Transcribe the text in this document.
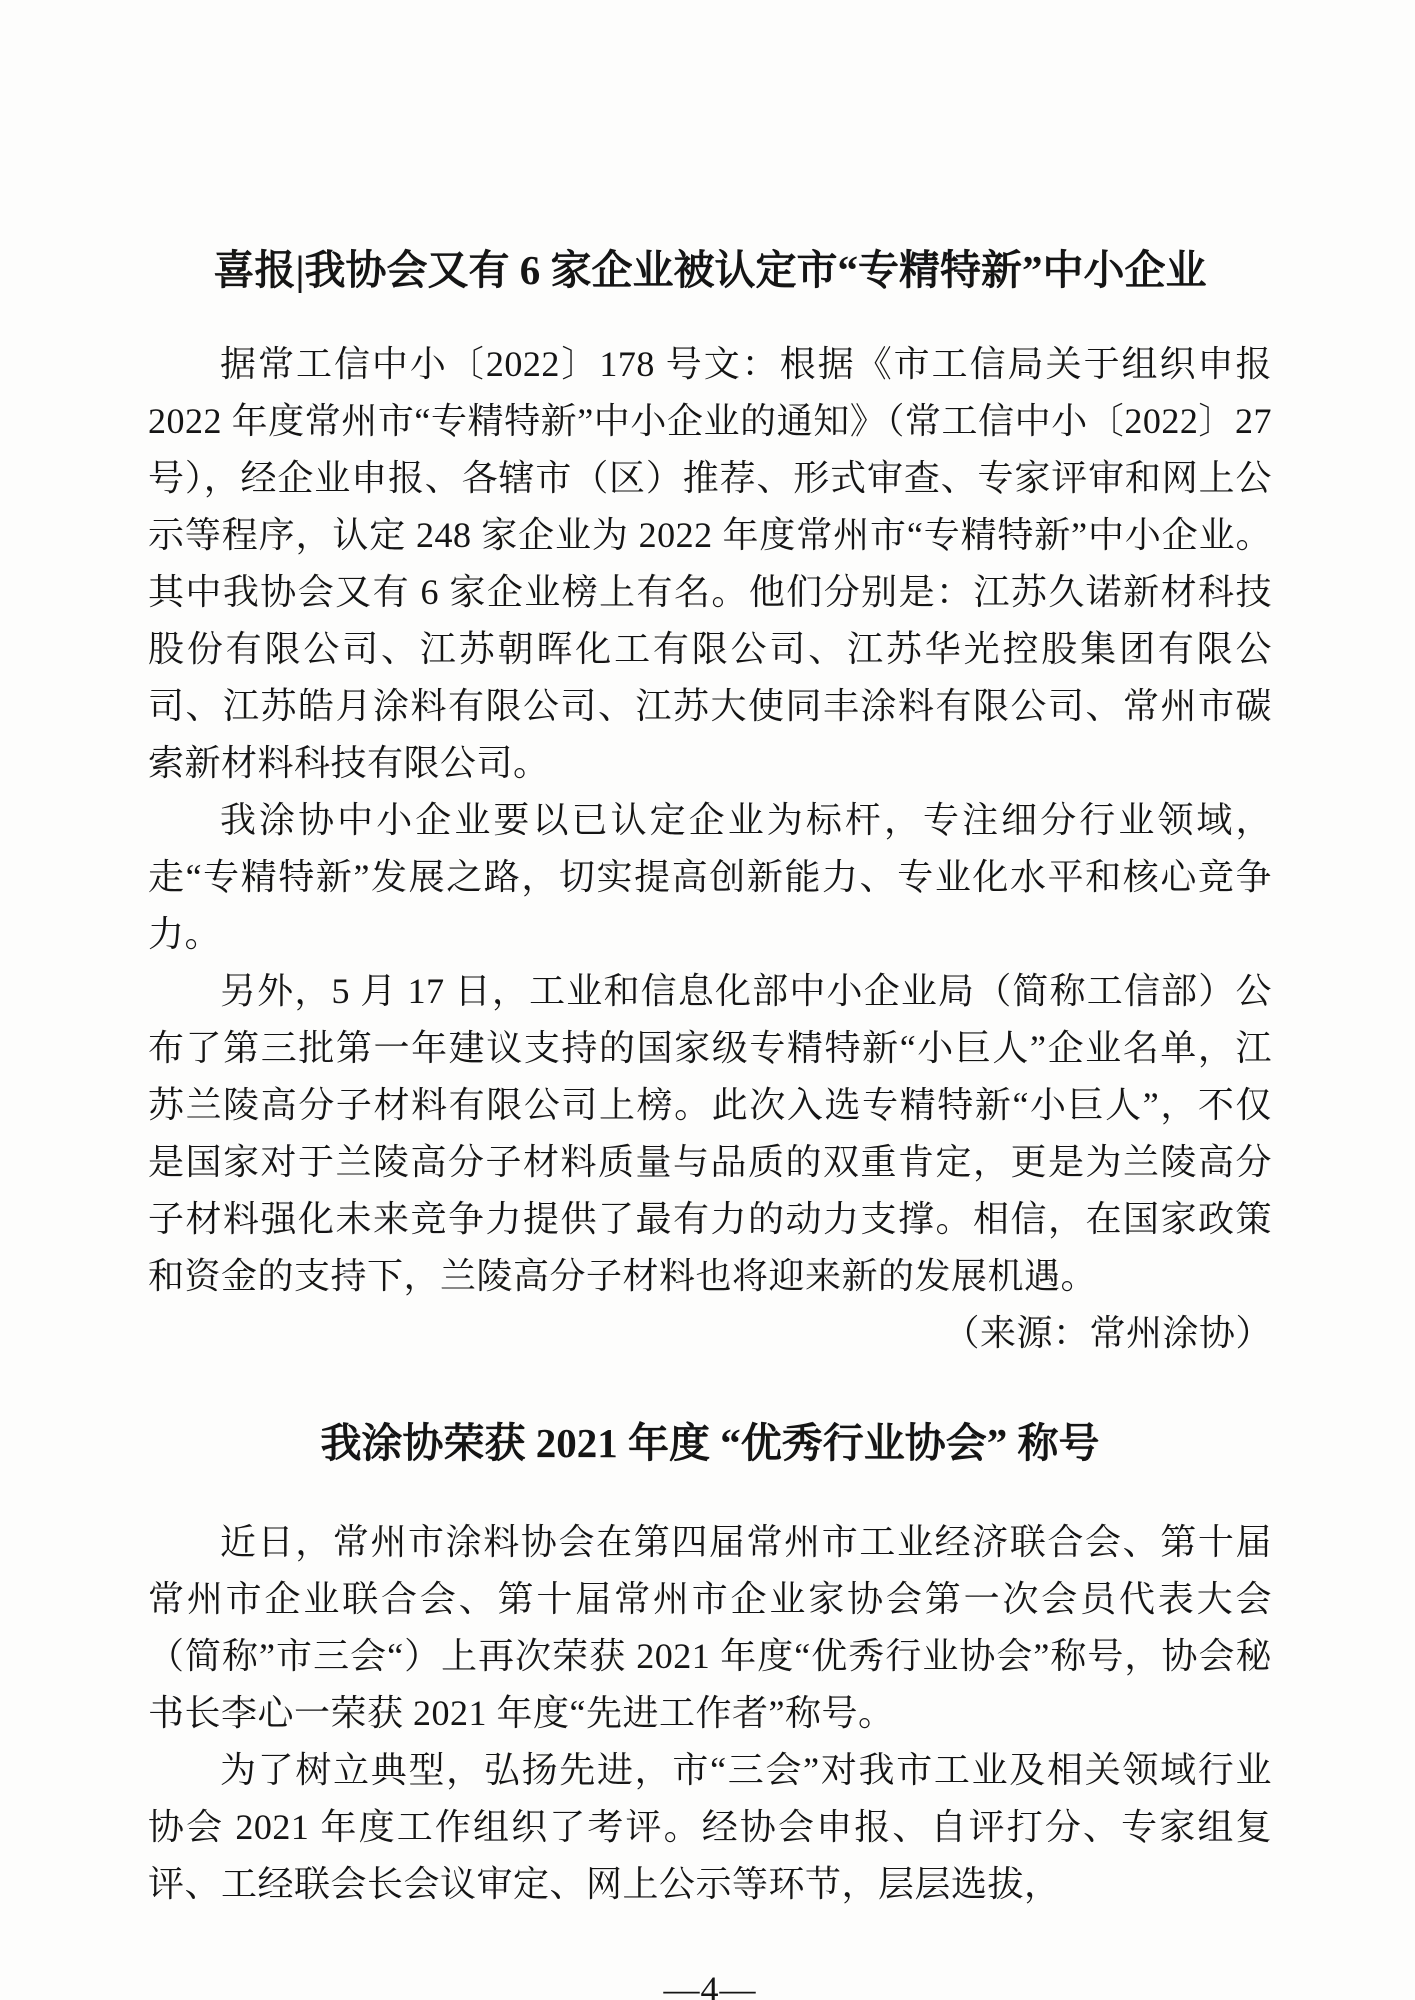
喜报|我协会又有 6 家企业被认定市“专精特新”中小企业

据常工信中小〔2022〕178 号文：根据《市工信局关于组织申报 2022 年度常州市“专精特新”中小企业的通知》（常工信中小〔2022〕27 号），经企业申报、各辖市（区）推荐、形式审查、专家评审和网上公示等程序，认定 248 家企业为 2022 年度常州市“专精特新”中小企业。其中我协会又有 6 家企业榜上有名。他们分别是：江苏久诺新材科技股份有限公司、江苏朝晖化工有限公司、江苏华光控股集团有限公司、江苏皓月涂料有限公司、江苏大使同丰涂料有限公司、常州市碳索新材料科技有限公司。

我涂协中小企业要以已认定企业为标杆，专注细分行业领域，走“专精特新”发展之路，切实提高创新能力、专业化水平和核心竞争力。

另外，5 月 17 日，工业和信息化部中小企业局（简称工信部）公布了第三批第一年建议支持的国家级专精特新“小巨人”企业名单，江苏兰陵高分子材料有限公司上榜。此次入选专精特新“小巨人”，不仅是国家对于兰陵高分子材料质量与品质的双重肯定，更是为兰陵高分子材料强化未来竞争力提供了最有力的动力支撑。相信，在国家政策和资金的支持下，兰陵高分子材料也将迎来新的发展机遇。

（来源：常州涂协）

我涂协荣获 2021 年度 “优秀行业协会” 称号

近日，常州市涂料协会在第四届常州市工业经济联合会、第十届常州市企业联合会、第十届常州市企业家协会第一次会员代表大会（简称”市三会“）上再次荣获 2021 年度“优秀行业协会”称号，协会秘书长李心一荣获 2021 年度“先进工作者”称号。

为了树立典型，弘扬先进，市“三会”对我市工业及相关领域行业协会 2021 年度工作组织了考评。经协会申报、自评打分、专家组复评、工经联会长会议审定、网上公示等环节，层层选拔，

—4—
